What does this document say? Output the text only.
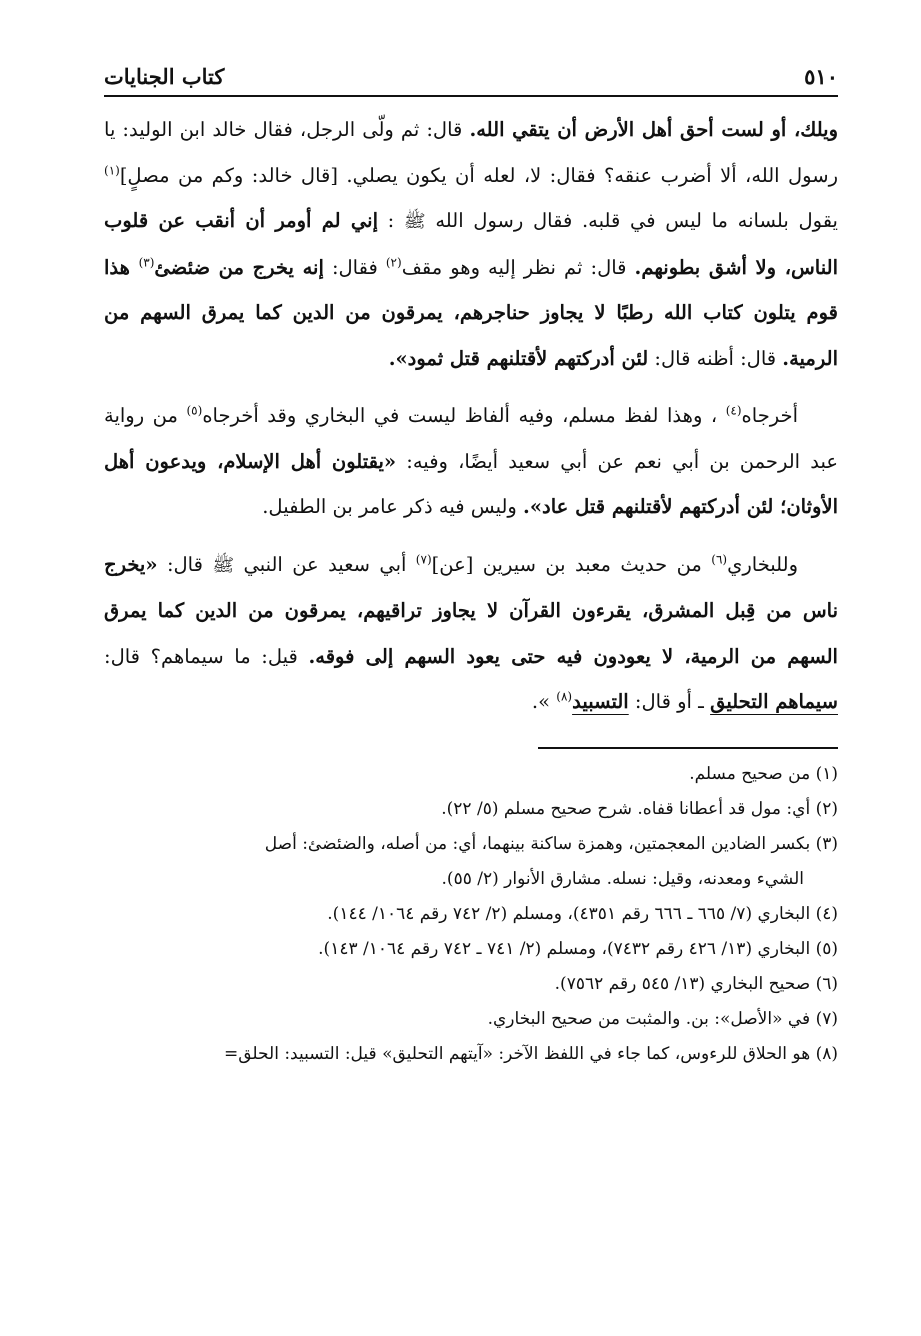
٥١٠
كتاب الجنايات

ويلك، أو لست أحق أهل الأرض أن يتقي الله. قال: ثم ولّى الرجل، فقال خالد ابن الوليد: يا رسول الله، ألا أضرب عنقه؟ فقال: لا، لعله أن يكون يصلي. [قال خالد: وكم من مصلٍ]$^{(١)}$ يقول بلسانه ما ليس في قلبه. فقال رسول الله ﷺ : إني لم أومر أن أنقب عن قلوب الناس، ولا أشق بطونهم. قال: ثم نظر إليه وهو مقف$^{(٢)}$ فقال: إنه يخرج من ضئضئ$^{(٣)}$ هذا قوم يتلون كتاب الله رطبًا لا يجاوز حناجرهم، يمرقون من الدين كما يمرق السهم من الرمية. قال: أظنه قال: لئن أدركتهم لأقتلنهم قتل ثمود».

أخرجاه$^{(٤)}$ ، وهذا لفظ مسلم، وفيه ألفاظ ليست في البخاري وقد أخرجاه$^{(٥)}$ من رواية عبد الرحمن بن أبي نعم عن أبي سعيد أيضًا، وفيه: «يقتلون أهل الإسلام، ويدعون أهل الأوثان؛ لئن أدركتهم لأقتلنهم قتل عاد». وليس فيه ذكر عامر بن الطفيل.

وللبخاري$^{(٦)}$ من حديث معبد بن سيرين [عن]$^{(٧)}$ أبي سعيد عن النبي ﷺ قال: «يخرج ناس من قِبل المشرق، يقرءون القرآن لا يجاوز تراقيهم، يمرقون من الدين كما يمرق السهم من الرمية، لا يعودون فيه حتى يعود السهم إلى فوقه. قيل: ما سيماهم؟ قال: سيماهم التحليق ـ أو قال: التسبيد$^{(٨)}$ ».

(١) من صحيح مسلم.

(٢) أي: مول قد أعطانا قفاه. شرح صحيح مسلم (٥/ ٢٢).

(٣) بكسر الضادين المعجمتين، وهمزة ساكنة بينهما، أي: من أصله، والضئضئ: أصل

الشيء ومعدنه، وقيل: نسله. مشارق الأنوار (٢/ ٥٥).

(٤) البخاري (٧/ ٦٦٥ ـ ٦٦٦ رقم ٤٣٥١)، ومسلم (٢/ ٧٤٢ رقم ١٠٦٤/ ١٤٤).

(٥) البخاري (١٣/ ٤٢٦ رقم ٧٤٣٢)، ومسلم (٢/ ٧٤١ ـ ٧٤٢ رقم ١٠٦٤/ ١٤٣).

(٦) صحيح البخاري (١٣/ ٥٤٥ رقم ٧٥٦٢).

(٧) في «الأصل»: بن. والمثبت من صحيح البخاري.

(٨) هو الحلاق للرءوس، كما جاء في اللفظ الآخر: «آيتهم التحليق» قيل: التسبيد: الحلق=
